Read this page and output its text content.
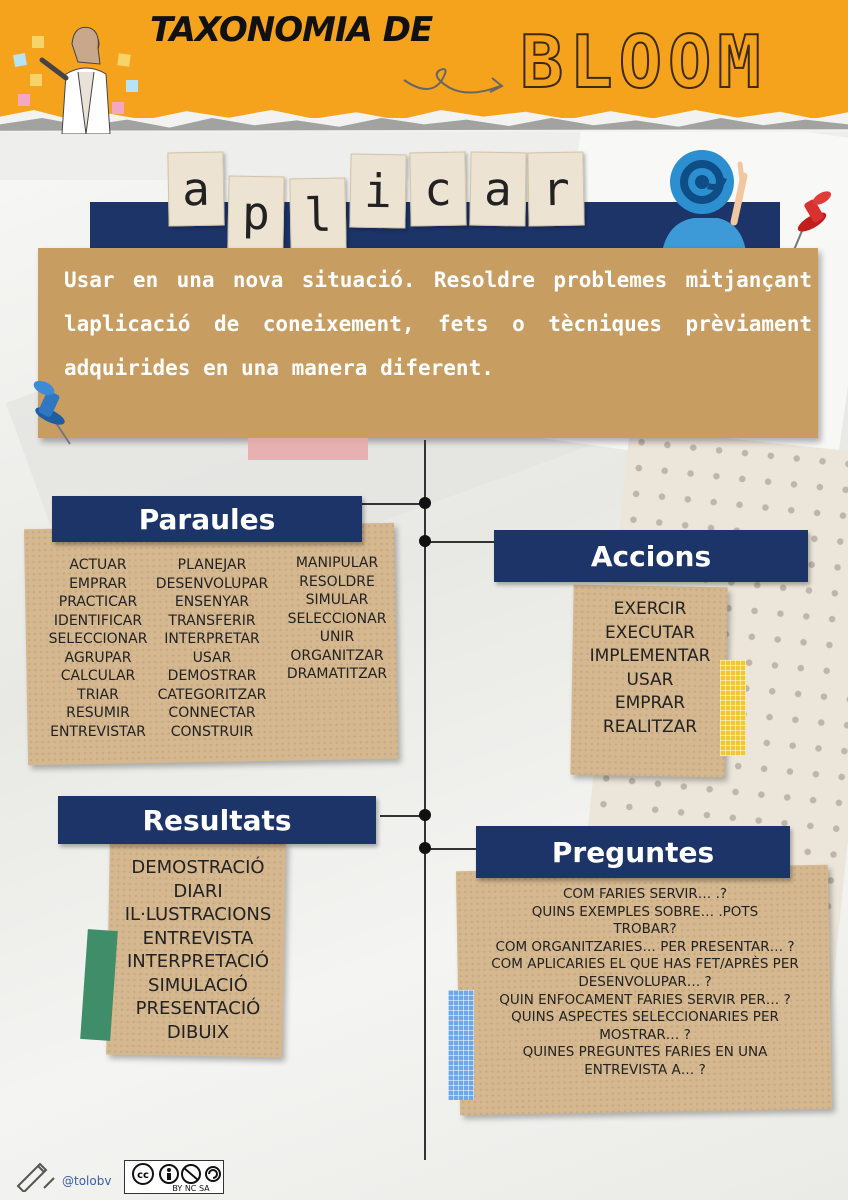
TAXONOMIA DE BLOOM
a p l i c a r
Usar en una nova situació. Resoldre problemes mitjançant laplicació de coneixement, fets o tècniques prèviament adquirides en una manera diferent.
Paraules
ACTUAR
EMPRAR
PRACTICAR
IDENTIFICAR
SELECCIONAR
AGRUPAR
CALCULAR
TRIAR
RESUMIR
ENTREVISTAR
PLANEJAR
DESENVOLUPAR
ENSENYAR
TRANSFERIR
INTERPRETAR
USAR
DEMOSTRAR
CATEGORITZAR
CONNECTAR
CONSTRUIR
MANIPULAR
RESOLDRE
SIMULAR
SELECCIONAR
UNIR
ORGANITZAR
DRAMATITZAR
Accions
EXERCIR
EXECUTAR
IMPLEMENTAR
USAR
EMPRAR
REALITZAR
Resultats
DEMOSTRACIÓ
DIARI
IL·LUSTRACIONS
ENTREVISTA
INTERPRETACIÓ
SIMULACIÓ
PRESENTACIÓ
DIBUIX
Preguntes
COM FARIES SERVIR… .?
QUINS EXEMPLES SOBRE… .POTS
TROBAR?
COM ORGANITZARIES… PER PRESENTAR… ?
COM APLICARIES EL QUE HAS FET/APRÈS PER
DESENVOLUPAR… ?
QUIN ENFOCAMENT FARIES SERVIR PER… ?
QUINS ASPECTES SELECCIONARIES PER
MOSTRAR… ?
QUINES PREGUNTES FARIES EN UNA
ENTREVISTA A… ?
@tolobv	cc
BY NC SA
